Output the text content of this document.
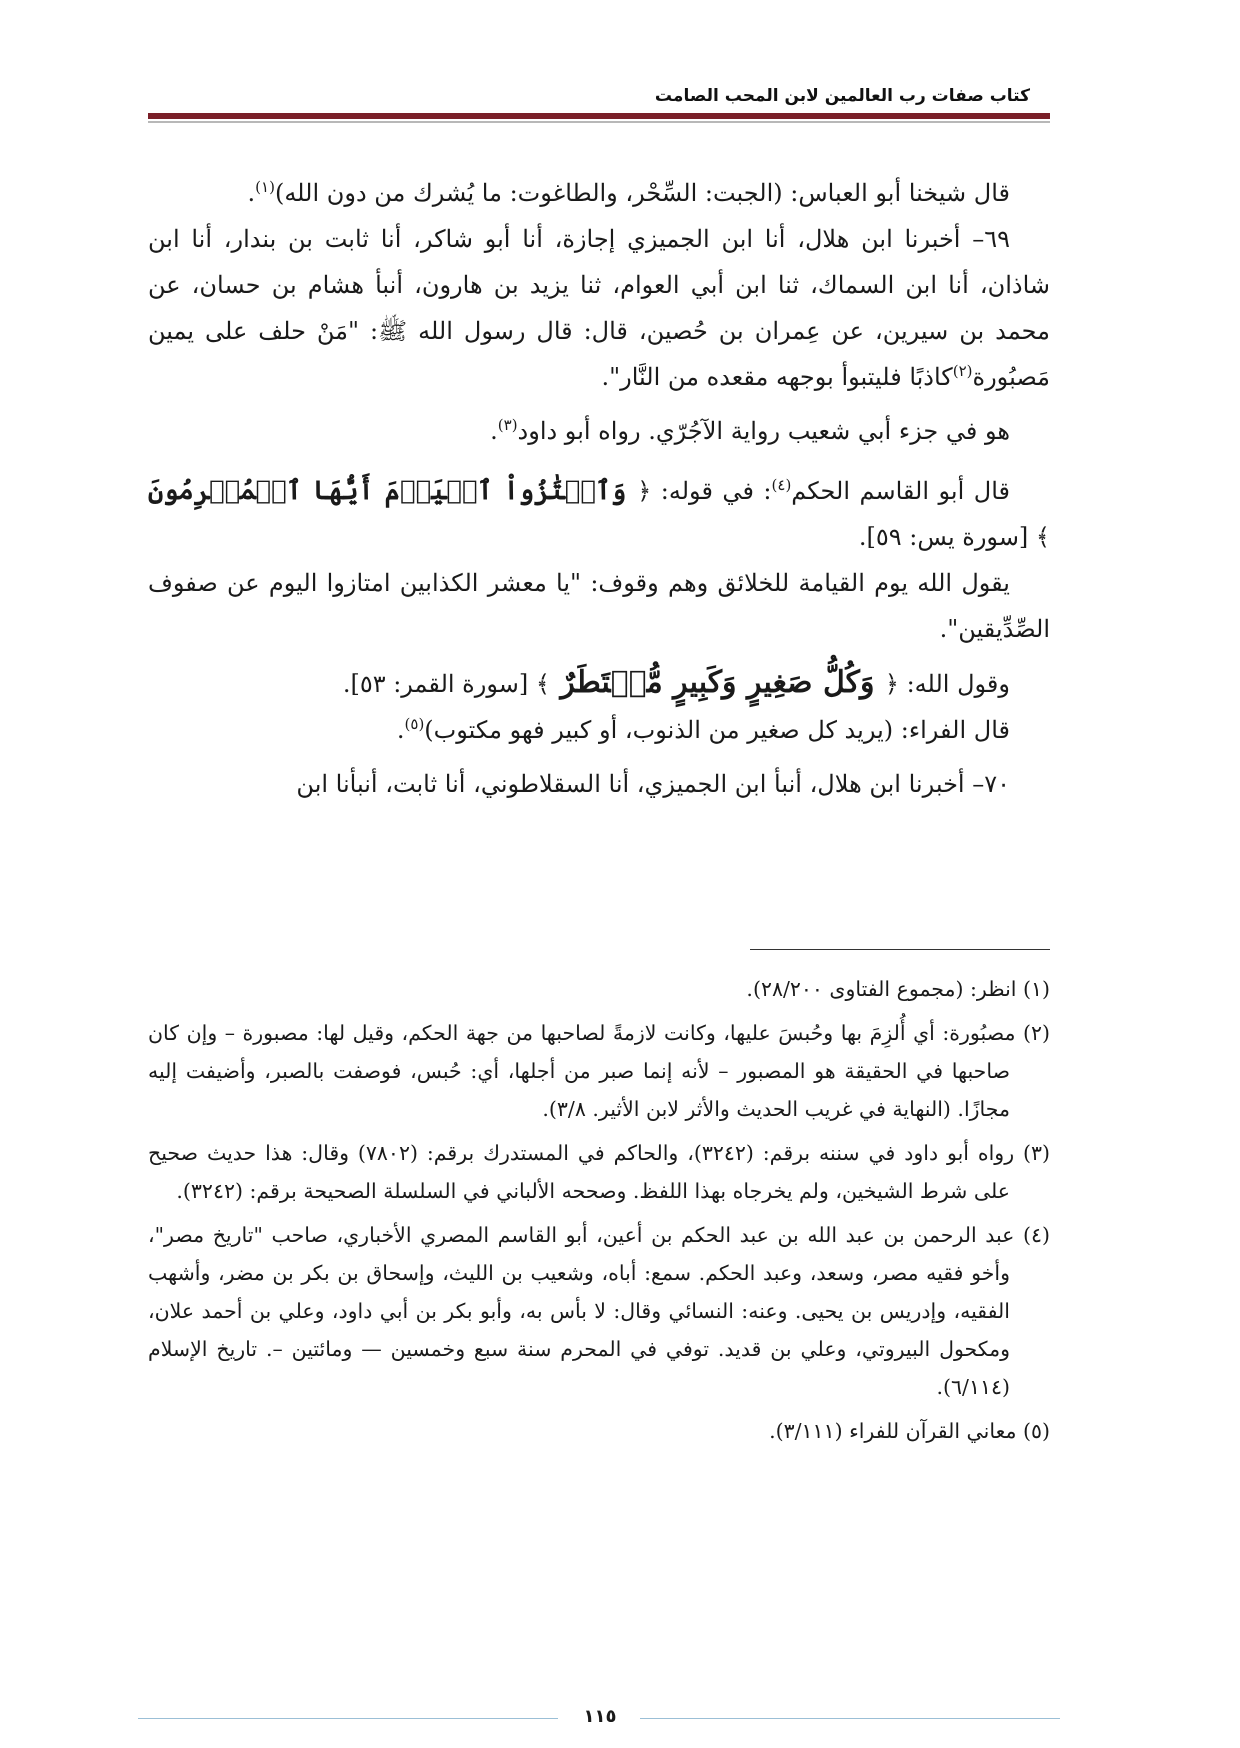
كتاب صفات رب العالمين لابن المحب الصامت

قال شيخنا أبو العباس: (الجبت: السِّحْر، والطاغوت: ما يُشرك من دون الله)$^{(١)}$.

٦٩– أخبرنا ابن هلال، أنا ابن الجميزي إجازة، أنا أبو شاكر، أنا ثابت بن بندار، أنا ابن شاذان، أنا ابن السماك، ثنا ابن أبي العوام، ثنا يزيد بن هارون، أنبأ هشام بن حسان، عن محمد بن سيرين، عن عِمران بن حُصين، قال: قال رسول الله ﷺ: "مَنْ حلف على يمين مَصبُورة$^{(٢)}$كاذبًا فليتبوأ بوجهه مقعده من النَّار".

هو في جزء أبي شعيب رواية الآجُرّي. رواه أبو داود$^{(٣)}$.

قال أبو القاسم الحكم$^{(٤)}$: في قوله: ﴿ وَٱمۡتَٰزُواْ ٱلۡيَوۡمَ أَيُّهَا ٱلۡمُجۡرِمُونَ ﴾ [سورة يس: ٥٩].

يقول الله يوم القيامة للخلائق وهم وقوف: "يا معشر الكذابين امتازوا اليوم عن صفوف الصِّدِّيقين".

وقول الله: ﴿ وَكُلُّ صَغِيرٍ وَكَبِيرٍ مُّسۡتَطَرٌ ﴾ [سورة القمر: ٥٣].

قال الفراء: (يريد كل صغير من الذنوب، أو كبير فهو مكتوب)$^{(٥)}$.

٧٠– أخبرنا ابن هلال، أنبأ ابن الجميزي، أنا السقلاطوني، أنا ثابت، أنبأنا ابن

(١) انظر: (مجموع الفتاوى ٢٨/٢٠٠).

(٢) مصبُورة: أي أُلزِمَ بها وحُبسَ عليها، وكانت لازمةً لصاحبها من جهة الحكم، وقيل لها: مصبورة – وإن كان صاحبها في الحقيقة هو المصبور – لأنه إنما صبر من أجلها، أي: حُبس، فوصفت بالصبر، وأضيفت إليه مجازًا. (النهاية في غريب الحديث والأثر لابن الأثير. ٣/٨).

(٣) رواه أبو داود في سننه برقم: (٣٢٤٢)، والحاكم في المستدرك برقم: (٧٨٠٢) وقال: هذا حديث صحيح على شرط الشيخين، ولم يخرجاه بهذا اللفظ. وصححه الألباني في السلسلة الصحيحة برقم: (٣٢٤٢).

(٤) عبد الرحمن بن عبد الله بن عبد الحكم بن أعين، أبو القاسم المصري الأخباري، صاحب "تاريخ مصر"، وأخو فقيه مصر، وسعد، وعبد الحكم. سمع: أباه، وشعيب بن الليث، وإسحاق بن بكر بن مضر، وأشهب الفقيه، وإدريس بن يحيى. وعنه: النسائي وقال: لا بأس به، وأبو بكر بن أبي داود، وعلي بن أحمد علان، ومكحول البيروتي، وعلي بن قديد. توفي في المحرم سنة سبع وخمسين — ومائتين –. تاريخ الإسلام (٦/١١٤).

(٥) معاني القرآن للفراء (٣/١١١).

١١٥
